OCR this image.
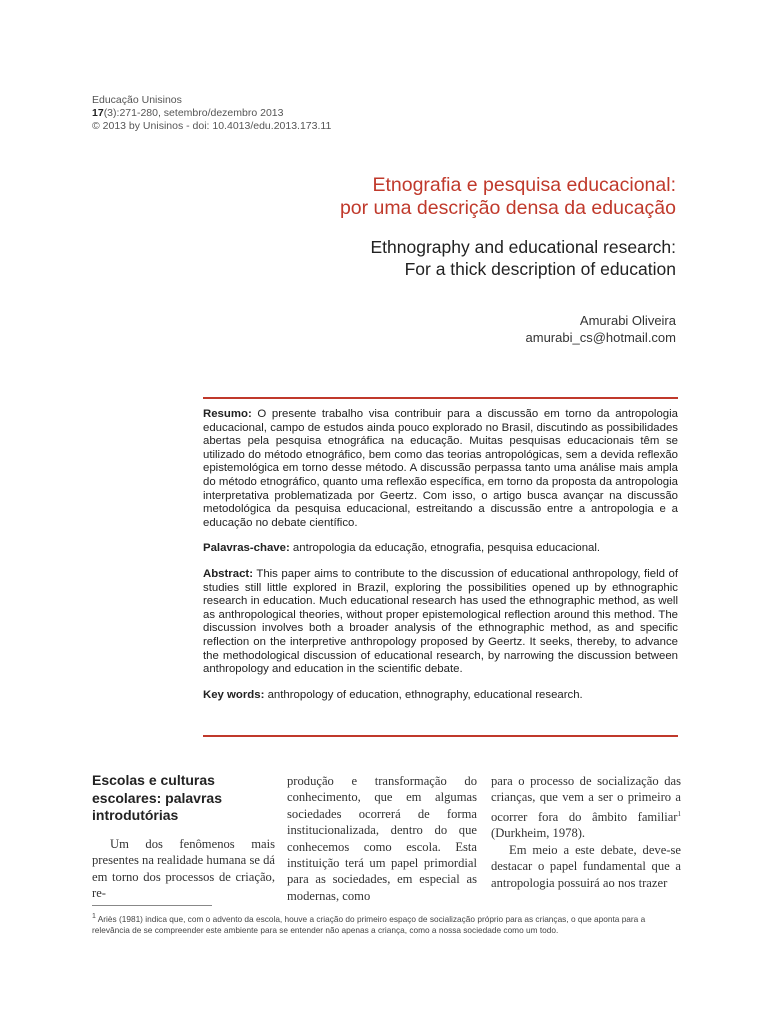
Educação Unisinos
17(3):271-280, setembro/dezembro 2013
© 2013 by Unisinos - doi: 10.4013/edu.2013.173.11
Etnografia e pesquisa educacional:
por uma descrição densa da educação
Ethnography and educational research:
For a thick description of education
Amurabi Oliveira
amurabi_cs@hotmail.com

Resumo: O presente trabalho visa contribuir para a discussão em torno da antropologia educacional, campo de estudos ainda pouco explorado no Brasil, discutindo as possibilidades abertas pela pesquisa etnográfica na educação. Muitas pesquisas educacionais têm se utilizado do método etnográfico, bem como das teorias antropológicas, sem a devida reflexão epistemológica em torno desse método. A discussão perpassa tanto uma análise mais ampla do método etnográfico, quanto uma reflexão específica, em torno da proposta da antropologia interpretativa problematizada por Geertz. Com isso, o artigo busca avançar na discussão metodológica da pesquisa educacional, estreitando a discussão entre a antropologia e a educação no debate científico.

Palavras-chave: antropologia da educação, etnografia, pesquisa educacional.

Abstract: This paper aims to contribute to the discussion of educational anthropology, field of studies still little explored in Brazil, exploring the possibilities opened up by ethnographic research in education. Much educational research has used the ethnographic method, as well as anthropological theories, without proper epistemological reflection around this method. The discussion involves both a broader analysis of the ethnographic method, as and specific reflection on the interpretive anthropology proposed by Geertz. It seeks, thereby, to advance the methodological discussion of educational research, by narrowing the discussion between anthropology and education in the scientific debate.

Key words: anthropology of education, ethnography, educational research.

Escolas e culturas escolares: palavras introdutórias

Um dos fenômenos mais presentes na realidade humana se dá em torno dos processos de criação, re-

produção e transformação do conhecimento, que em algumas sociedades ocorrerá de forma institucionalizada, dentro do que conhecemos como escola. Esta instituição terá um papel primordial para as sociedades, em especial as modernas, como

para o processo de socialização das crianças, que vem a ser o primeiro a ocorrer fora do âmbito familiar$^1$ (Durkheim, 1978).

Em meio a este debate, deve-se destacar o papel fundamental que a antropologia possuirá ao nos trazer

$^1$ Ariès (1981) indica que, com o advento da escola, houve a criação do primeiro espaço de socialização próprio para as crianças, o que aponta para a relevância de se compreender este ambiente para se entender não apenas a criança, como a nossa sociedade como um todo.
